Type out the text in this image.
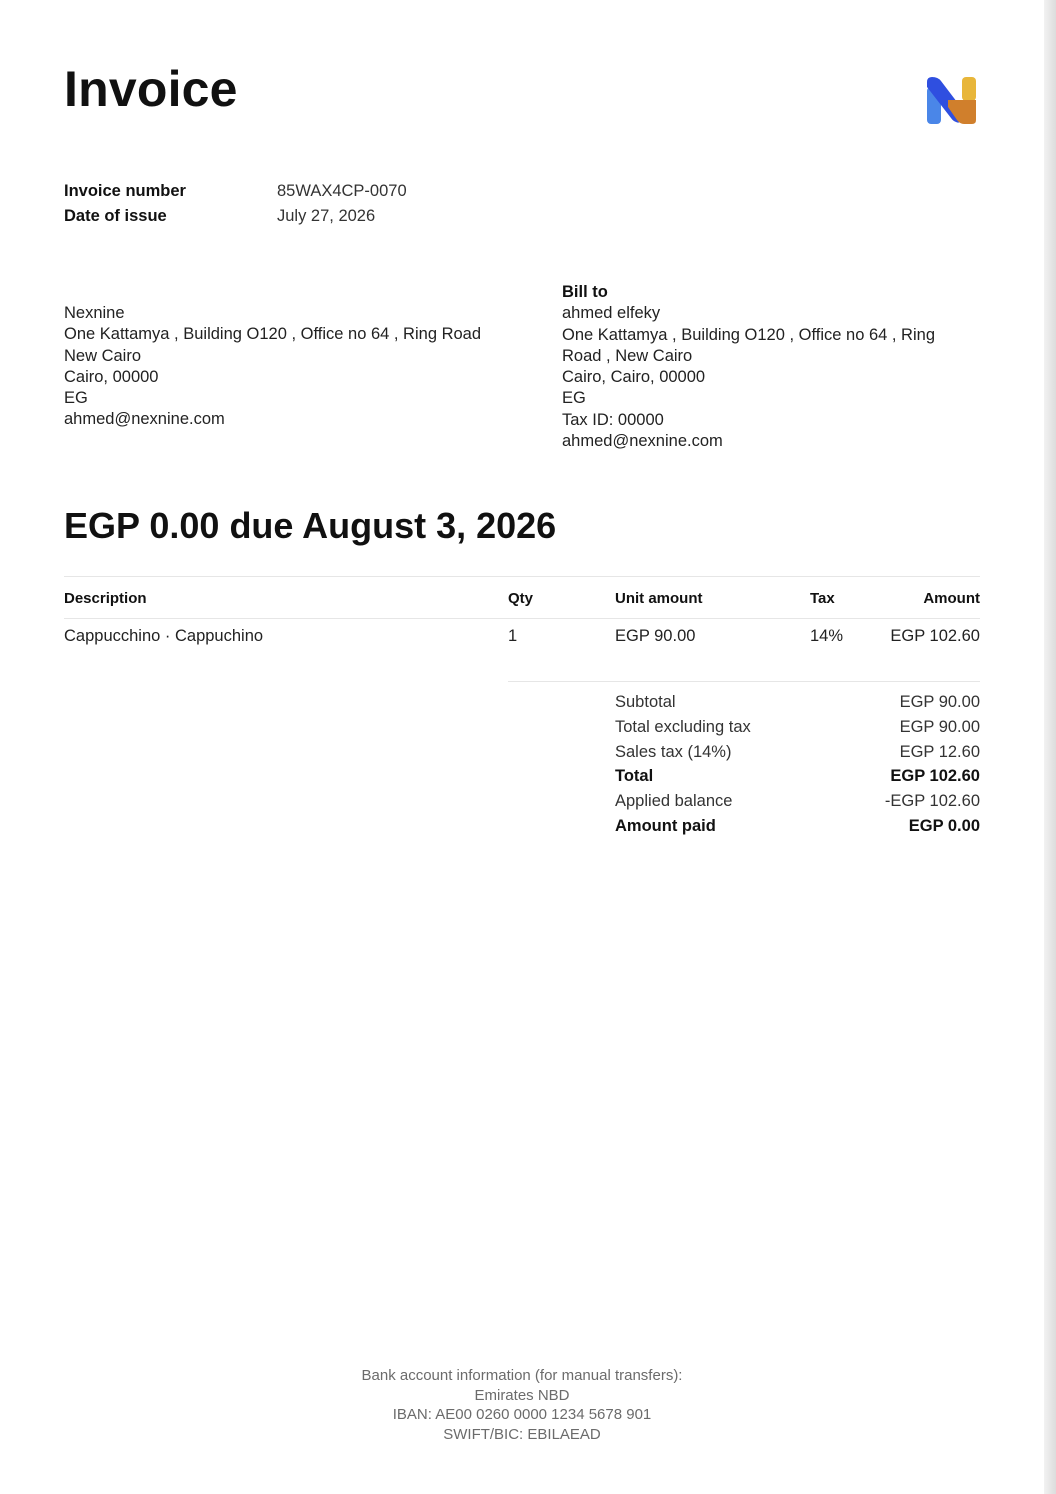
Invoice
Invoice number	85WAX4CP-0070
Date of issue	July 27, 2026
Nexnine
One Kattamya , Building O120 , Office no 64 , Ring Road
New Cairo
Cairo, 00000
EG
ahmed@nexnine.com
Bill to
ahmed elfeky
One Kattamya , Building O120 , Office no 64 , Ring
Road , New Cairo
Cairo, Cairo, 00000
EG
Tax ID: 00000
ahmed@nexnine.com
EGP 0.00 due August 3, 2026
Description	Qty	Unit amount	Tax	Amount
Cappucchino · Cappuchino	1	EGP 90.00	14%	EGP 102.60
Subtotal	EGP 90.00
Total excluding tax	EGP 90.00
Sales tax (14%)	EGP 12.60
Total	EGP 102.60
Applied balance	-EGP 102.60
Amount paid	EGP 0.00
Bank account information (for manual transfers):
Emirates NBD
IBAN: AE00 0260 0000 1234 5678 901
SWIFT/BIC: EBILAEAD
